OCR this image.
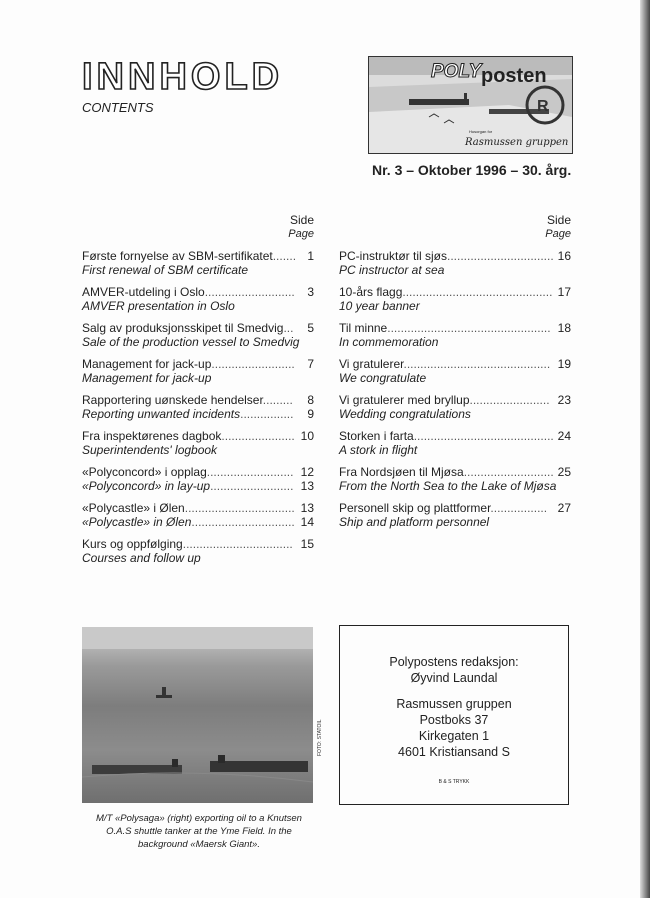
INNHOLD
CONTENTS	R
POLY posten
Husorgan for
Rasmussen gruppen
Nr. 3 – Oktober 1996 – 30. årg.
Side
Page
Første fornyelse av SBM-sertifikatet....... 1
First renewal of SBM certificate
AMVER-utdeling i Oslo........................... 3
AMVER presentation in Oslo
Salg av produksjonsskipet til Smedvig... 5
Sale of the production vessel to Smedvig
Management for jack-up......................... 7
Management for jack-up
Rapportering uønskede hendelser......... 8
Reporting unwanted incidents................ 9
Fra inspektørenes dagbok...................... 10
Superintendents' logbook
«Polyconcord» i opplag.......................... 12
«Polyconcord» in lay-up......................... 13
«Polycastle» i Ølen................................. 13
«Polycastle» in Ølen............................... 14
Kurs og oppfølging................................. 15
Courses and follow up
Side
Page
PC-instruktør til sjøs................................ 16
PC instructor at sea
10-års flagg............................................. 17
10 year banner
Til minne................................................. 18
In commemoration
Vi gratulerer............................................ 19
We congratulate
Vi gratulerer med bryllup........................ 23
Wedding congratulations
Storken i farta.......................................... 24
A stork in flight
Fra Nordsjøen til Mjøsa........................... 25
From the North Sea to the Lake of Mjøsa
Personell skip og plattformer................. 27
Ship and platform personnel
FOTO: STATOIL
M/T «Polysaga» (right) exporting oil to a Knutsen O.A.S shuttle tanker at the Yme Field. In the background «Maersk Giant».

Polypostens redaksjon:

Øyvind Laundal

Rasmussen gruppen

Postboks 37

Kirkegaten 1

4601 Kristiansand S

B & S TRYKK
